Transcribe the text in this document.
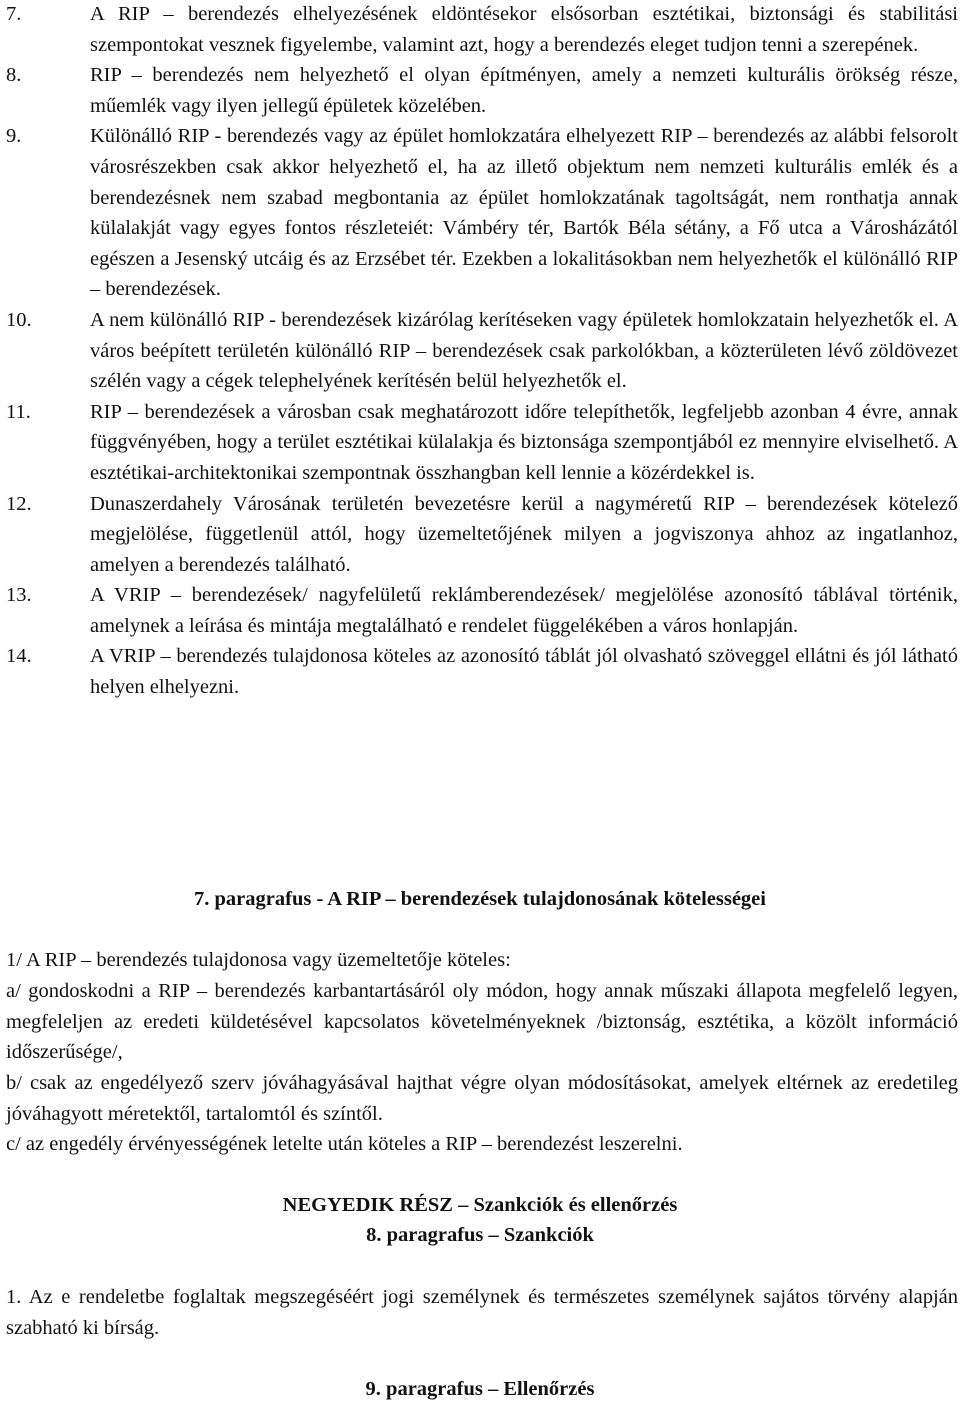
7.	A RIP – berendezés elhelyezésének eldöntésekor elsősorban esztétikai, biztonsági és stabilitási szempontokat vesznek figyelembe, valamint azt, hogy a berendezés eleget tudjon tenni a szerepének.
8.	RIP – berendezés nem helyezhető el olyan építményen, amely a nemzeti kulturális örökség része, műemlék vagy ilyen jellegű épületek közelében.
9.	Különálló RIP - berendezés vagy az épület homlokzatára elhelyezett RIP – berendezés az alábbi felsorolt városrészekben csak akkor helyezhető el, ha az illető objektum nem nemzeti kulturális emlék és a berendezésnek nem szabad megbontania az épület homlokzatának tagoltságát, nem ronthatja annak külalakját vagy egyes fontos részleteiét: Vámbéry tér, Bartók Béla sétány, a Fő utca a Városházától egészen a Jesenský utcáig és az Erzsébet tér. Ezekben a lokalitásokban nem helyezhetők el különálló RIP – berendezések.
10.	A nem különálló RIP - berendezések kizárólag kerítéseken vagy épületek homlokzatain helyezhetők el. A város beépített területén különálló RIP – berendezések csak parkolókban, a közterületen lévő zöldövezet szélén vagy a cégek telephelyének kerítésén belül helyezhetők el.
11.	RIP – berendezések a városban csak meghatározott időre telepíthetők, legfeljebb azonban 4 évre, annak függvényében, hogy a terület esztétikai külalakja és biztonsága szempontjából ez mennyire elviselhető. A esztétikai-architektonikai szempontnak összhangban kell lennie a közérdekkel is.
12.	Dunaszerdahely Városának területén bevezetésre kerül a nagyméretű RIP – berendezések kötelező megjelölése, függetlenül attól, hogy üzemeltetőjének milyen a jogviszonya ahhoz az ingatlanhoz, amelyen a berendezés található.
13.	A VRIP – berendezések/ nagyfelületű reklámberendezések/ megjelölése azonosító táblával történik, amelynek a leírása és mintája megtalálható e rendelet függelékében a város honlapján.
14.	A VRIP – berendezés tulajdonosa köteles az azonosító táblát jól olvasható szöveggel ellátni és jól látható helyen elhelyezni.
7. paragrafus - A RIP – berendezések tulajdonosának kötelességei

1/ A RIP – berendezés tulajdonosa vagy üzemeltetője köteles:

a/ gondoskodni a RIP – berendezés karbantartásáról oly módon, hogy annak műszaki állapota megfelelő legyen, megfeleljen az eredeti küldetésével kapcsolatos követelményeknek /biztonság, esztétika, a közölt információ időszerűsége/,

b/ csak az engedélyező szerv jóváhagyásával hajthat végre olyan módosításokat, amelyek eltérnek az eredetileg jóváhagyott méretektől, tartalomtól és színtől.

c/ az engedély érvényességének letelte után köteles a RIP – berendezést leszerelni.

NEGYEDIK RÉSZ – Szankciók és ellenőrzés
8. paragrafus – Szankciók

1. Az e rendeletbe foglaltak megszegéséért jogi személynek és természetes személynek sajátos törvény alapján szabható ki bírság.

9. paragrafus – Ellenőrzés
